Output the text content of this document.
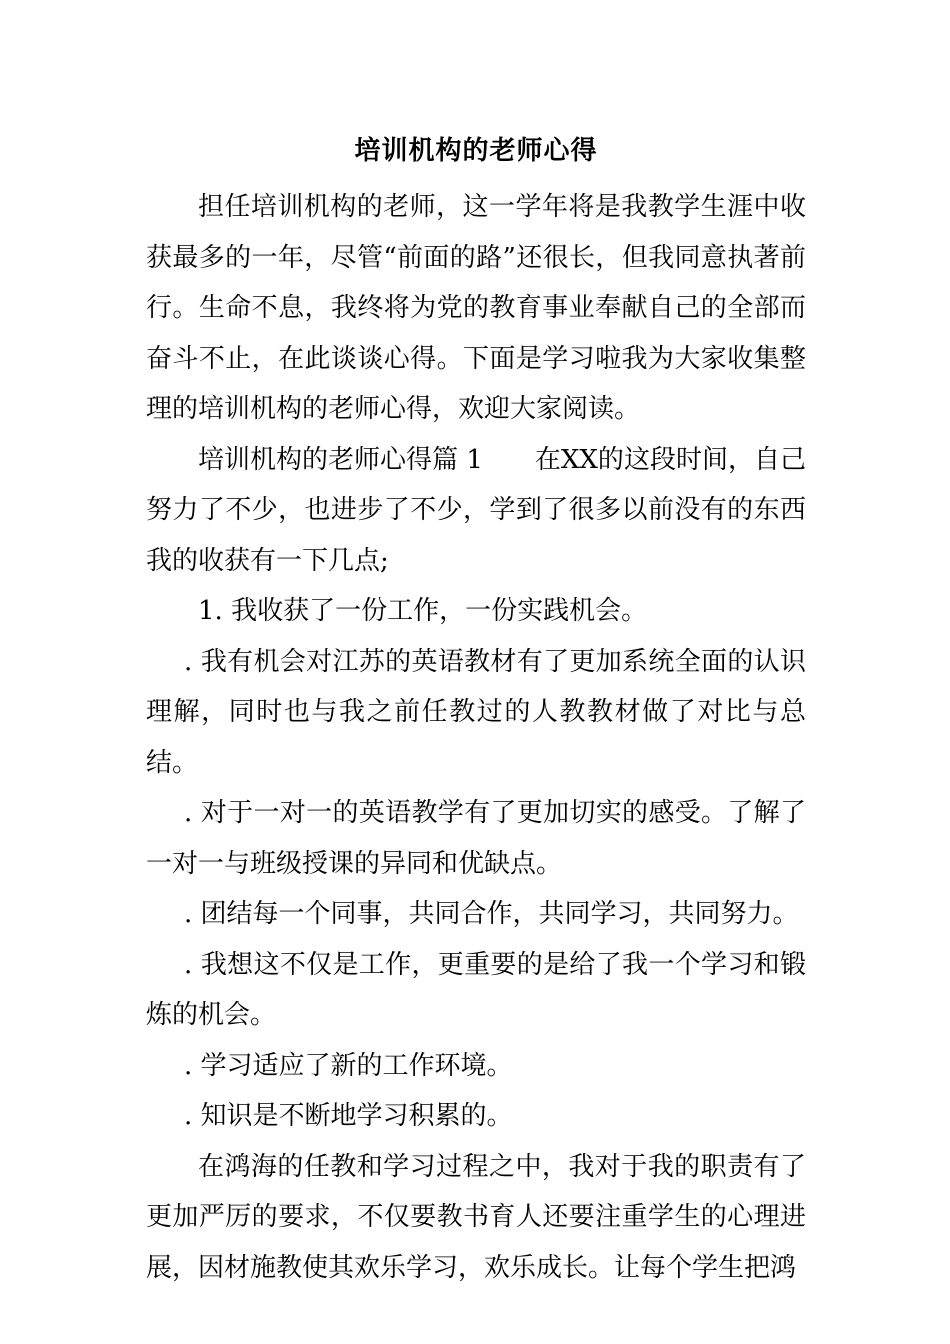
培训机构的老师心得

担任培训机构的老师，这一学年将是我教学生涯中收获最多的一年，尽管“前面的路”还很长，但我同意执著前行。生命不息，我终将为党的教育事业奉献自己的全部而奋斗不止，在此谈谈心得。下面是学习啦我为大家收集整理的培训机构的老师心得，欢迎大家阅读。

培训机构的老师心得篇 1 在XX的这段时间，自己努力了不少，也进步了不少，学到了很多以前没有的东西我的收获有一下几点;

1. 我收获了一份工作，一份实践机会。

. 我有机会对江苏的英语教材有了更加系统全面的认识理解，同时也与我之前任教过的人教教材做了对比与总结。

. 对于一对一的英语教学有了更加切实的感受。了解了一对一与班级授课的异同和优缺点。

. 团结每一个同事，共同合作，共同学习，共同努力。

. 我想这不仅是工作，更重要的是给了我一个学习和锻炼的机会。

. 学习适应了新的工作环境。

. 知识是不断地学习积累的。

在鸿海的任教和学习过程之中，我对于我的职责有了更加严厉的要求，不仅要教书育人还要注重学生的心理进展，因材施教使其欢乐学习，欢乐成长。让每个学生把鸿
